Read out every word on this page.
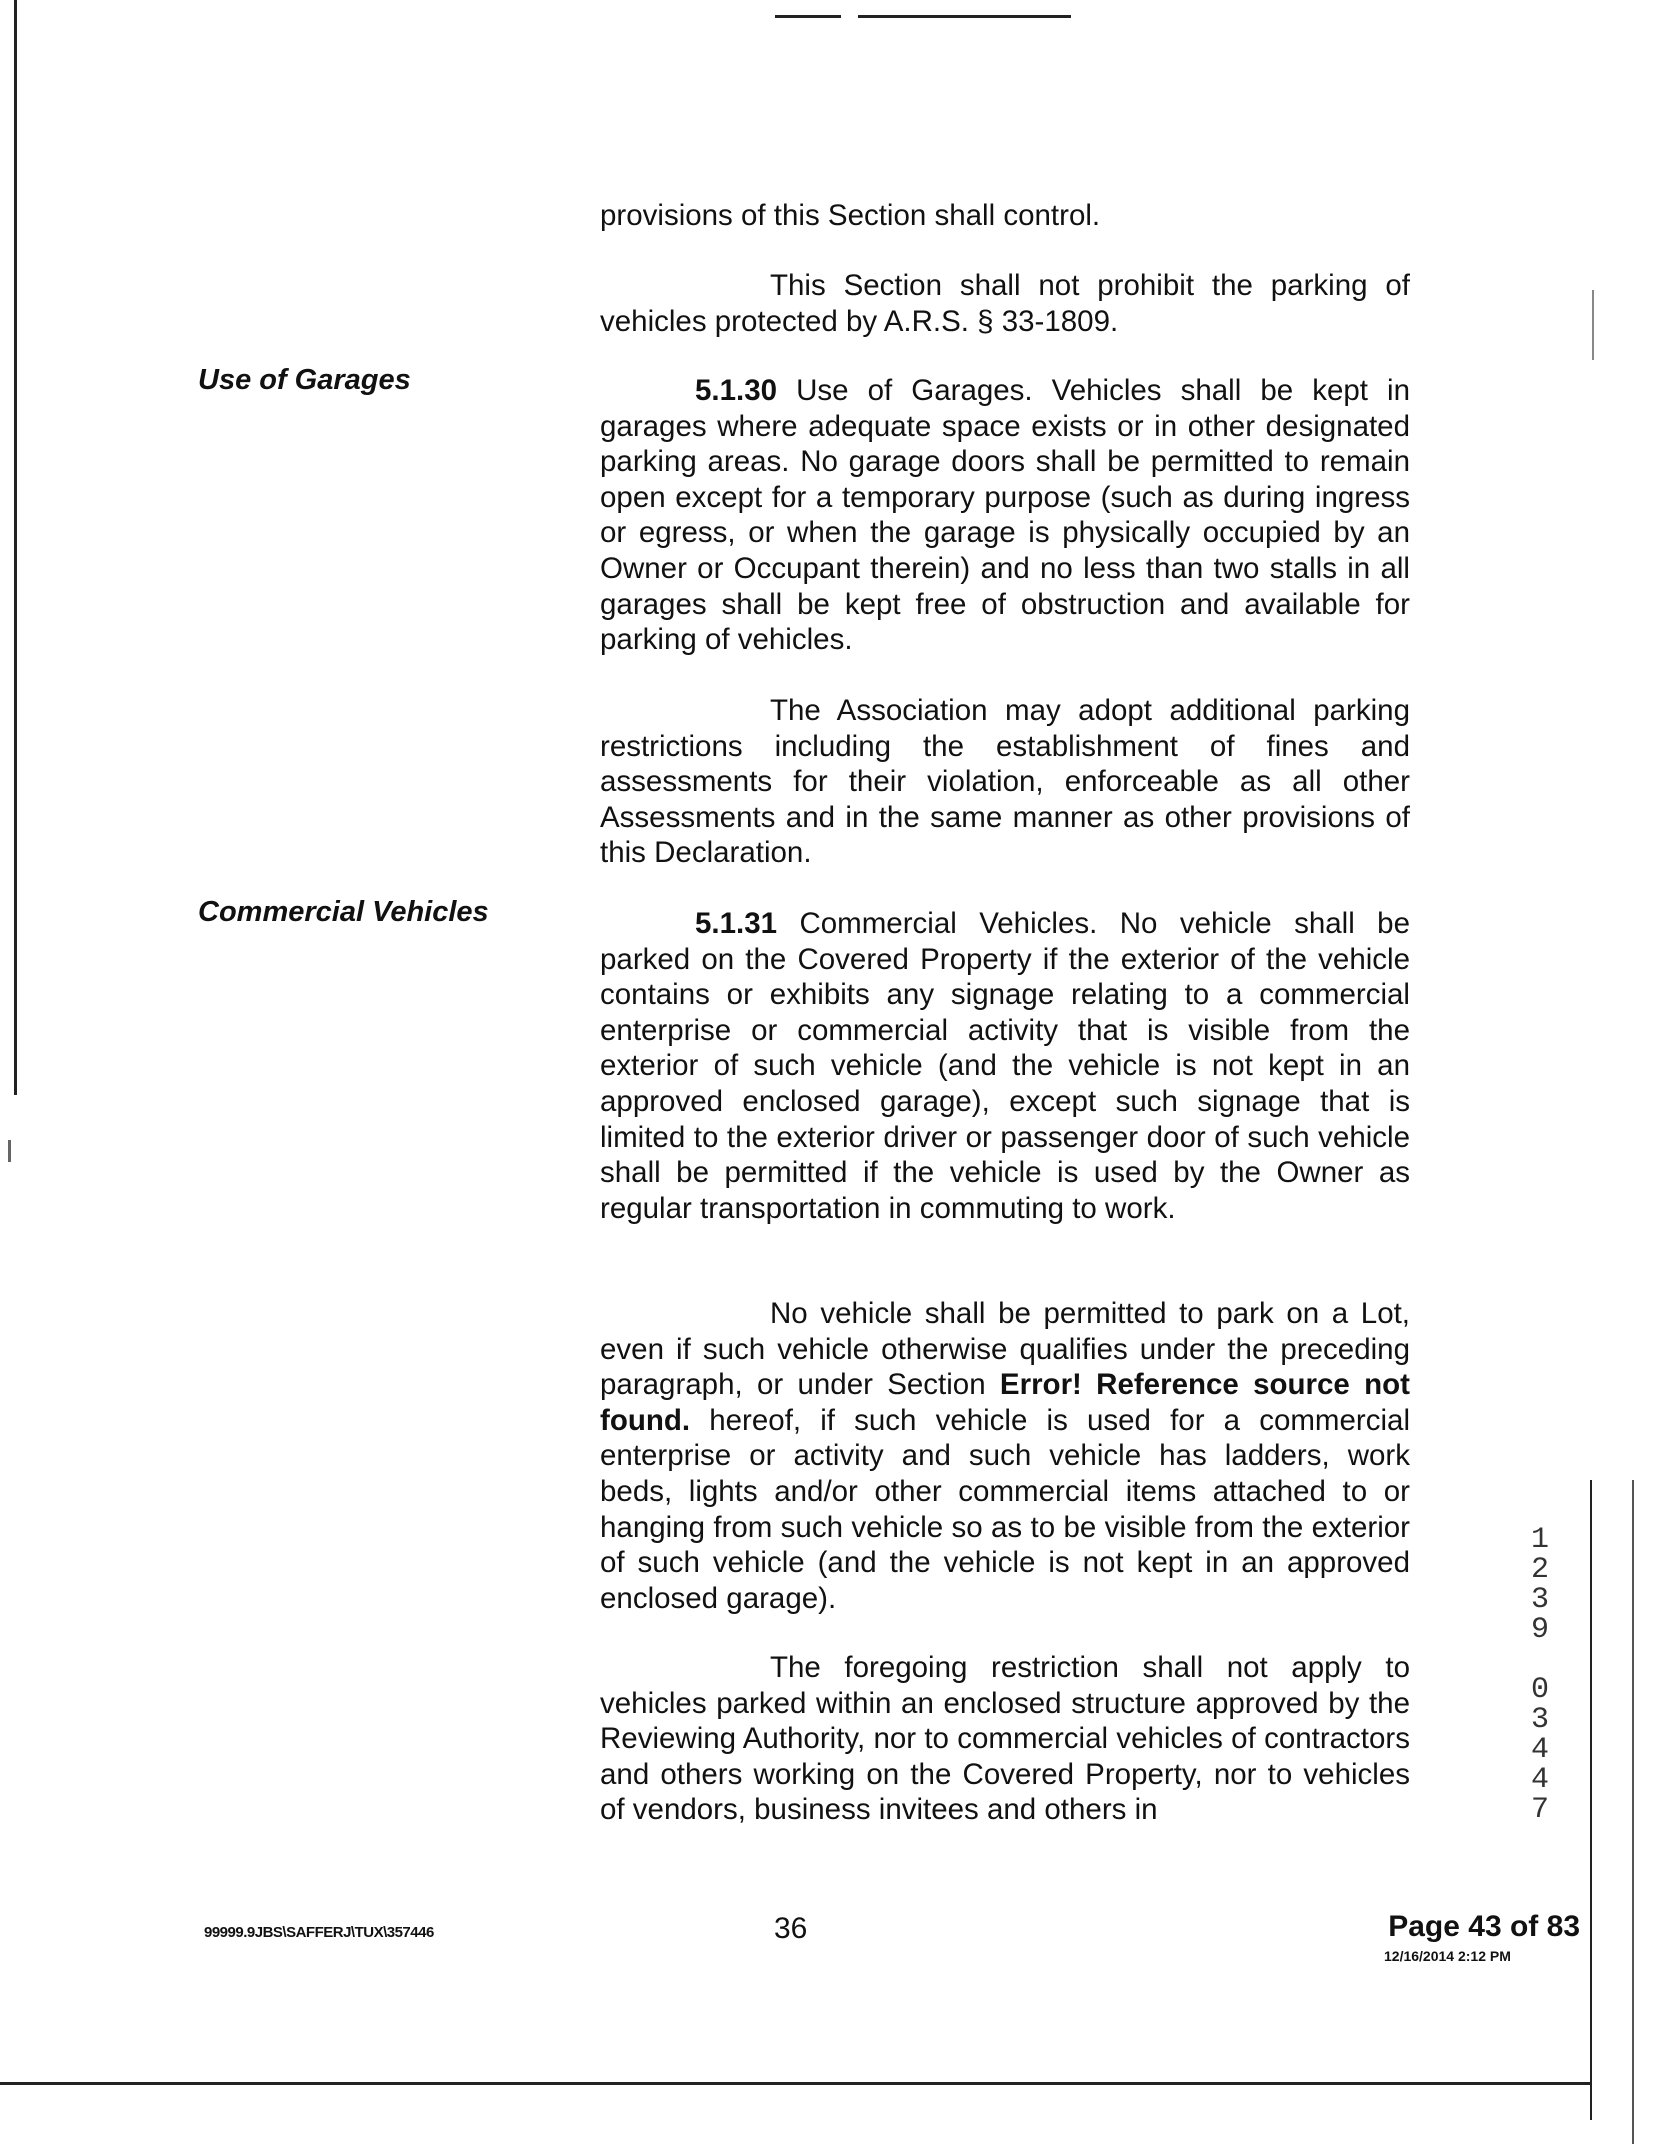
Use of Garages
Commercial Vehicles

provisions of this Section shall control.

This Section shall not prohibit the parking of vehicles protected by A.R.S. § 33-1809.

5.1.30 Use of Garages. Vehicles shall be kept in garages where adequate space exists or in other designated parking areas. No garage doors shall be permitted to remain open except for a temporary purpose (such as during ingress or egress, or when the garage is physically occupied by an Owner or Occupant therein) and no less than two stalls in all garages shall be kept free of obstruction and available for parking of vehicles.

The Association may adopt additional parking restrictions including the establishment of fines and assessments for their violation, enforceable as all other Assessments and in the same manner as other provisions of this Declaration.

5.1.31 Commercial Vehicles. No vehicle shall be parked on the Covered Property if the exterior of the vehicle contains or exhibits any signage relating to a commercial enterprise or commercial activity that is visible from the exterior of such vehicle (and the vehicle is not kept in an approved enclosed garage), except such signage that is limited to the exterior driver or passenger door of such vehicle shall be permitted if the vehicle is used by the Owner as regular transportation in commuting to work.

No vehicle shall be permitted to park on a Lot, even if such vehicle otherwise qualifies under the preceding paragraph, or under Section Error! Reference source not found. hereof, if such vehicle is used for a commercial enterprise or activity and such vehicle has ladders, work beds, lights and/or other commercial items attached to or hanging from such vehicle so as to be visible from the exterior of such vehicle (and the vehicle is not kept in an approved enclosed garage).

The foregoing restriction shall not apply to vehicles parked within an enclosed structure approved by the Reviewing Authority, nor to commercial vehicles of contractors and others working on the Covered Property, nor to vehicles of vendors, business invitees and others in

1
2
3
9
0
3
4
4
7
99999.9JBS\SAFFERJ\TUX\357446	36	Page 43 of 83
12/16/2014 2:12 PM
